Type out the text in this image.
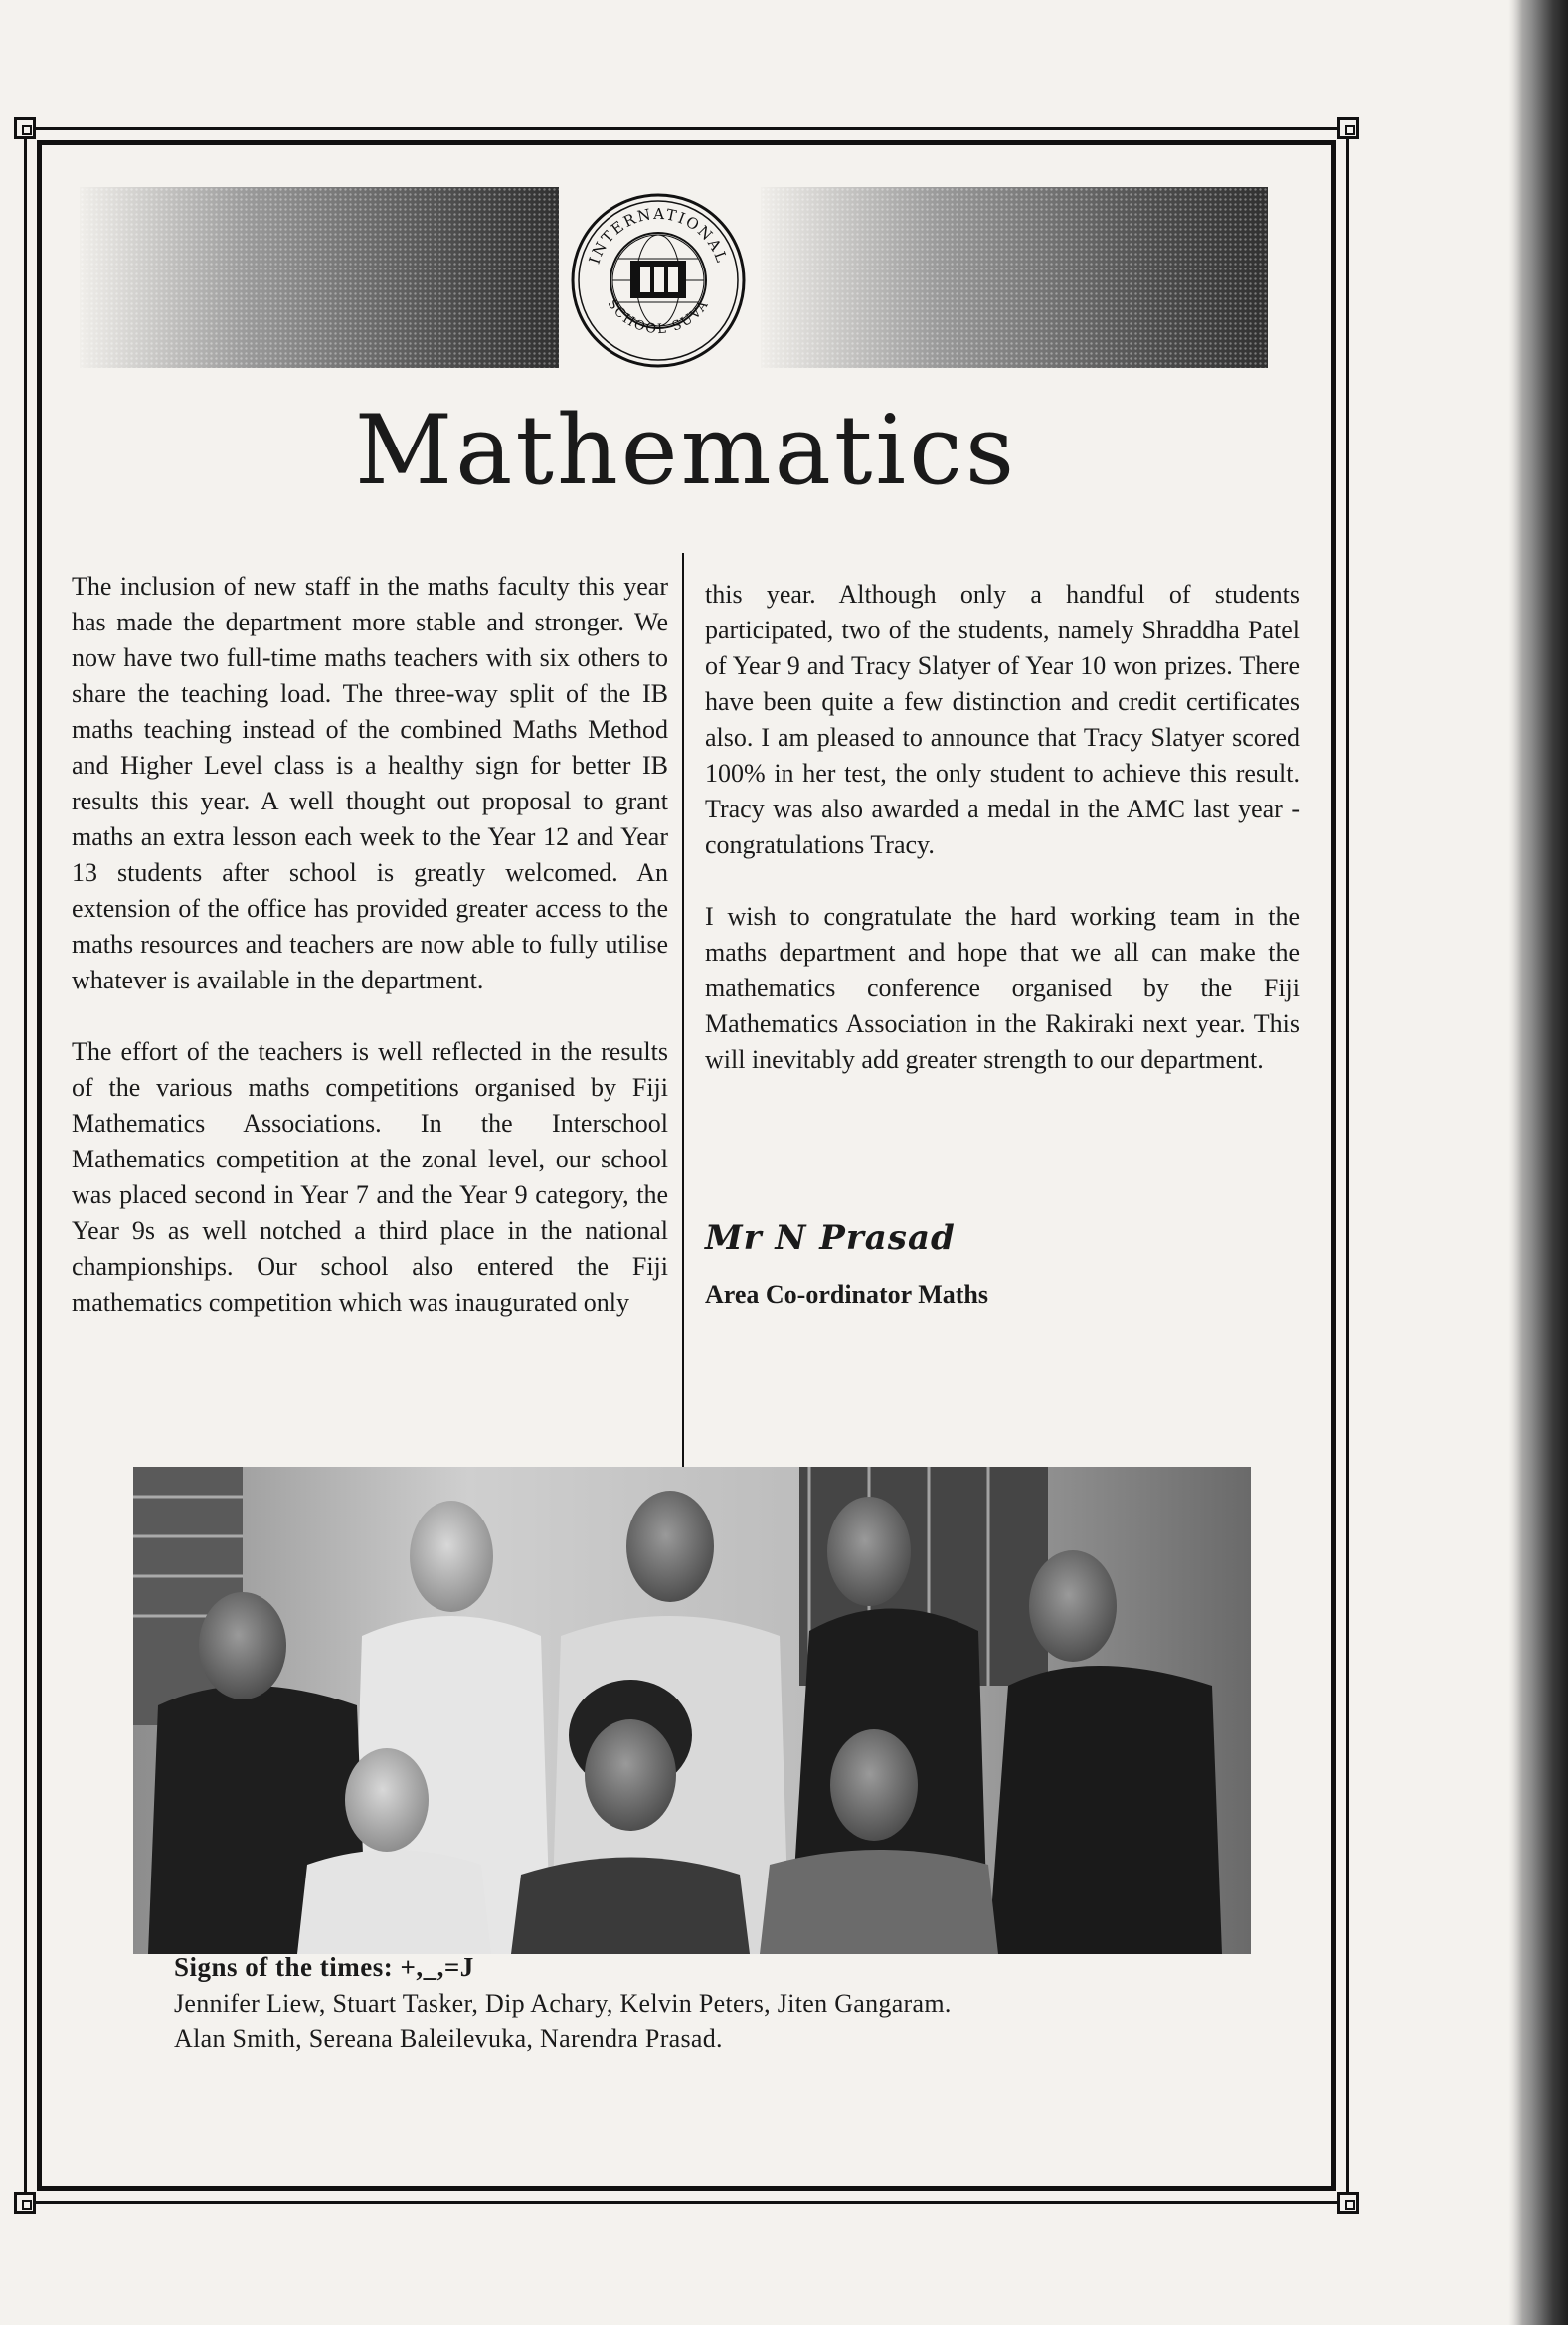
INTERNATIONAL
SCHOOL SUVA
Mathematics

The inclusion of new staff in the maths faculty this year has made the department more stable and stronger. We now have two full-time maths teachers with six others to share the teaching load. The three-way split of the IB maths teaching instead of the combined Maths Method and Higher Level class is a healthy sign for better IB results this year. A well thought out proposal to grant maths an extra lesson each week to the Year 12 and Year 13 students after school is greatly welcomed. An extension of the office has provided greater access to the maths resources and teachers are now able to fully utilise whatever is available in the department.

The effort of the teachers is well reflected in the results of the various maths competitions organised by Fiji Mathematics Associations. In the Interschool Mathematics competition at the zonal level, our school was placed second in Year 7 and the Year 9 category, the Year 9s as well notched a third place in the national championships. Our school also entered the Fiji mathematics competition which was inaugurated only

this year. Although only a handful of students participated, two of the students, namely Shraddha Patel of Year 9 and Tracy Slatyer of Year 10 won prizes. There have been quite a few distinction and credit certificates also. I am pleased to announce that Tracy Slatyer scored 100% in her test, the only student to achieve this result. Tracy was also awarded a medal in the AMC last year - congratulations Tracy.

I wish to congratulate the hard working team in the maths department and hope that we all can make the mathematics conference organised by the Fiji Mathematics Association in the Rakiraki next year. This will inevitably add greater strength to our department.

Mr N Prasad
Area Co-ordinator Maths
Signs of the times: +,_,=J
Jennifer Liew, Stuart Tasker, Dip Achary, Kelvin Peters, Jiten Gangaram.
Alan Smith, Sereana Baleilevuka, Narendra Prasad.
